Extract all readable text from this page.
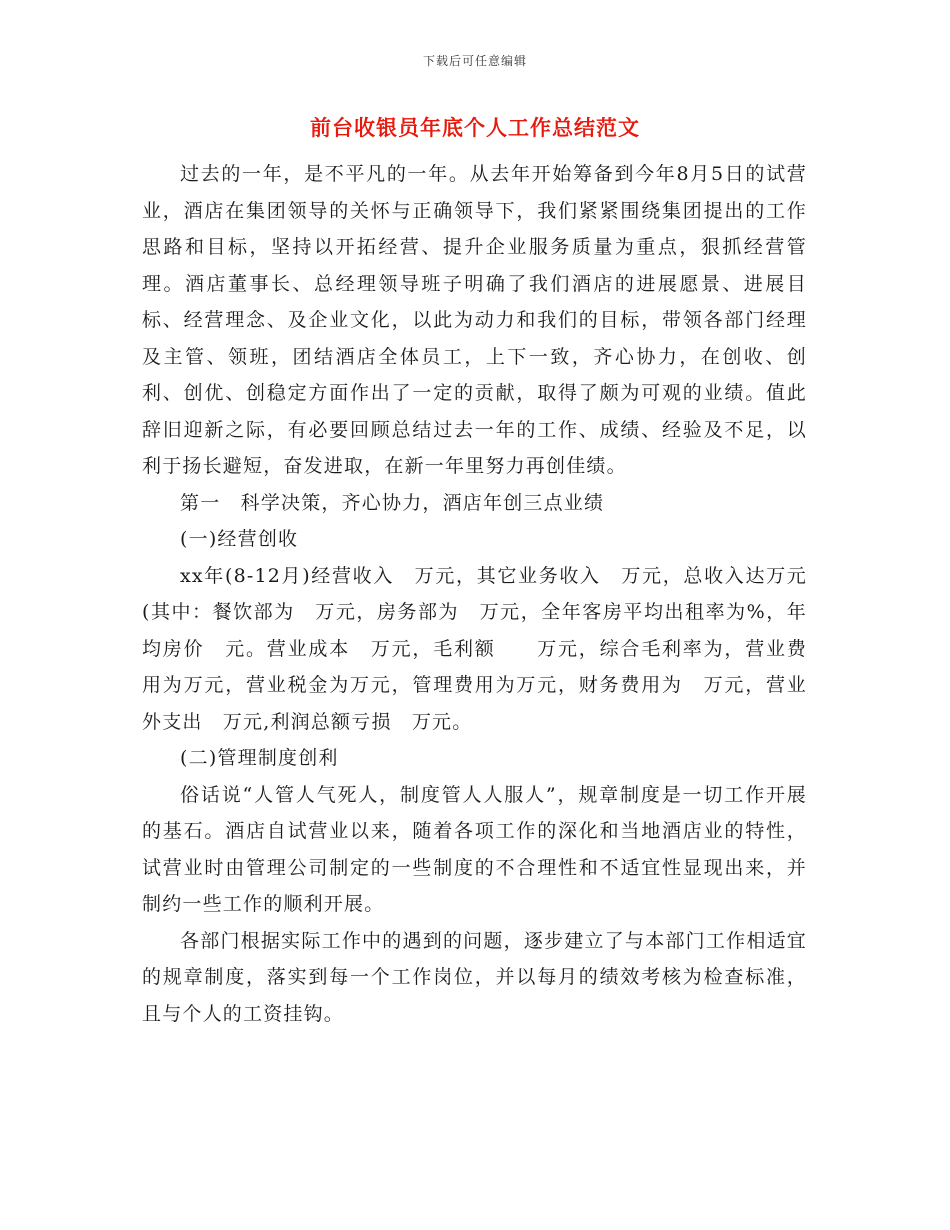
下载后可任意编辑
前台收银员年底个人工作总结范文

过去的一年，是不平凡的一年。从去年开始筹备到今年8月5日的试营业，酒店在集团领导的关怀与正确领导下，我们紧紧围绕集团提出的工作思路和目标，坚持以开拓经营、提升企业服务质量为重点，狠抓经营管理。酒店董事长、总经理领导班子明确了我们酒店的进展愿景、进展目标、经营理念、及企业文化，以此为动力和我们的目标，带领各部门经理及主管、领班，团结酒店全体员工，上下一致，齐心协力，在创收、创利、创优、创稳定方面作出了一定的贡献，取得了颇为可观的业绩。值此辞旧迎新之际，有必要回顾总结过去一年的工作、成绩、经验及不足，以利于扬长避短，奋发进取，在新一年里努力再创佳绩。

第一　科学决策，齐心协力，酒店年创三点业绩

(一)经营创收

xx年(8-12月)经营收入　万元，其它业务收入　万元，总收入达万元(其中：餐饮部为　万元，房务部为　万元，全年客房平均出租率为%，年均房价　元。营业成本　万元，毛利额　　万元，综合毛利率为，营业费用为万元，营业税金为万元，管理费用为万元，财务费用为　万元，营业外支出　万元,利润总额亏损　万元。

(二)管理制度创利

俗话说“人管人气死人，制度管人人服人”，规章制度是一切工作开展的基石。酒店自试营业以来，随着各项工作的深化和当地酒店业的特性，试营业时由管理公司制定的一些制度的不合理性和不适宜性显现出来，并制约一些工作的顺利开展。

各部门根据实际工作中的遇到的问题，逐步建立了与本部门工作相适宜的规章制度，落实到每一个工作岗位，并以每月的绩效考核为检查标准，且与个人的工资挂钩。
